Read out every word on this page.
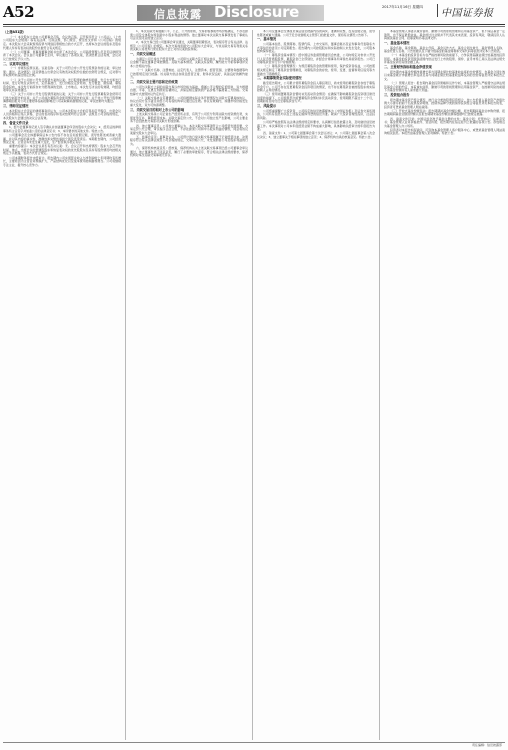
A52	信息披露 Disclosure	2017年11月16日 星期四
中国证券报

（上接A51版）

（一）本次股东大会由公司董事会召集，会议的召集、召开程序符合《公司法》、《上市公司股东大会规则》等有关法律、行政法规、部门规章、规范性文件和《公司章程》的规定。本次股东大会采取现场投票与网络投票相结合的方式召开，出席本次会议的股东及股东代理人所持有表决权的股份总数符合有关规定。

（二）公司董事、监事和董事会秘书出席了本次会议，公司高级管理人员及见证律师列席了本次会议。会议由公司董事长主持，审议通过了各项议案，表决结果合法有效，会议决议已按规定予以公告。

二、议案审议情况

（一）非累积投票议案。议案名称：关于公司符合非公开发行股票条件的议案；审议结果：通过。表决情况：同意票数占出席会议有效表决权股份总数的比例符合规定，反对票与弃权票均未超过规定比例。

（二）关于公司非公开发行股票方案的议案：发行股票的种类和面值、发行方式和发行时间、发行对象及认购方式、定价基准日、发行价格及定价原则、发行数量、限售期、募集资金投向、本次发行前滚存未分配利润的安排、上市地点、本次发行决议的有效期，均经逐项审议并获得通过。

（三）关于公司非公开发行股票预案的议案；关于公司非公开发行股票募集资金使用可行性分析报告的议案；关于公司前次募集资金使用情况报告的议案；关于非公开发行股票摊薄即期回报对公司主要财务指标的影响及公司采取填补措施的议案，审议结果均为通过。

三、律师见证情况

本次股东大会见证的律师事务所认为，公司本次股东大会的召集和召开程序、出席会议人员资格和召集人资格、会议的表决程序和表决结果均符合法律、法规及公司章程的规定，本次股东大会通过的决议合法有效。

四、备查文件目录

1、经与会董事和记录人签字确认并加盖董事会印章的股东大会决议；2、经见证的律师事务所主任签字并加盖公章的法律意见书；3、本所要求的其他文件。特此公告。

公司董事会及全体董事保证本公告内容不存在任何虚假记载、误导性陈述或者重大遗漏，并对其内容的真实性、准确性和完整性承担个别及连带责任。本期报告期内，公司经营情况正常，主营业务未发生重大变化，生产经营秩序稳定有序。

重要内容提示：本次会议是否有否决议案：无。会议召开和出席情况：股东大会召开的时间、地点、出席会议的普通股股东和恢复表决权的优先股股东及其持有股份情况均按相关规定予以披露，表决方式符合规定。

公司本期财务报告未经审计。报告期内公司实现营业收入与净利润较上年同期均有所增长，主要原因为主营业务规模扩大、产品结构优化以及成本费用控制措施得当。公司将继续专注主业，提升核心竞争力。

1、本次关联交易遵循公平、公正、公开的原则，交易价格参照市场价格确定，不存在损害公司及全体股东特别是中小股东利益的情形。独立董事对本次关联交易事项发表了事前认可意见及同意的独立意见。

2、本次交易已经公司董事会审议通过，关联董事回避表决，表决程序符合有关法律、法规及《公司章程》的规定。本次交易尚需提交公司股东大会审议，与该关联交易有利害关系的关联人将放弃行使在股东大会上对该议案的投票权。

一、关联交易概述

为满足公司日常生产经营需要，公司拟与关联方签订相关协议，预计年度日常关联交易总金额不超过董事会审批额度。关联方基本情况、关联关系说明、履约能力分析等事项详见本公告相关内容。

（一）关联方名称、注册地址、法定代表人、注册资本、经营范围、主要财务数据等均已按照规定进行披露。该关联方依法存续且经营正常，财务状况良好，具备良好的履约能力。

二、关联交易主要内容和定价政策

公司与关联方之间的关联交易以市场价格为基础，遵循公平合理的定价原则，双方根据自愿、平等、互惠互利原则签署协议，并保证相互提供的产品价格不偏离第三方价格。交易结算方式按照协议约定执行。

（二）关联交易协议签署情况：公司将根据实际业务开展情况与关联方签署具体协议，协议自双方签字盖章并经公司有权机构审议通过后生效。协议有效期内，如遇市场价格发生重大变化，双方可协商调整。

三、关联交易目的和对上市公司的影响

上述关联交易是公司正常生产经营所必需，有利于公司充分利用关联方的资源优势，实现优势互补，降低经营成本。关联交易定价公允，不会对公司独立性产生影响，公司主要业务不会因此类交易而对关联方形成依赖。

四、独立董事意见：公司独立董事认为，本次关联交易事项符合公司经营发展需要，交易定价公允合理，审议程序合法合规，不存在损害公司和中小股东利益的情形，同意将该议案提交股东大会审议。

五、监事会意见：监事会认为，公司预计的日常关联交易事项属于正常经营往来，决策程序符合有关法律法规及公司章程的规定，交易价格公允，未发现损害公司及股东利益的行为。

六、保荐机构核查意见：经核查，保荐机构认为上述关联交易事项已经公司董事会审议通过，独立董事发表了同意意见，履行了必要的审批程序，符合相关法律法规的要求，保荐机构对本次关联交易事项无异议。

本公司及董事会全体成员保证信息披露内容的真实、准确和完整，没有虚假记载、误导性陈述或重大遗漏。公司于近日收到相关主管部门的批复文件，现将有关情况公告如下。

一、基本情况

公司基本信息、股票简称、股票代码、上市交易所、董事会秘书及证券事务代表联系方式等信息均详见公司定期报告。报告期内公司控股股东和实际控制人未发生变化，公司股本结构保持稳定。

（一）募集资金基本情况：经中国证券监督管理委员会核准，公司向特定对象非公开发行人民币普通股股票，募集资金已全部到位，并经会计师事务所审验出具验资报告。公司已对募集资金实行专户存储管理。

（二）募集资金管理情况：为规范募集资金的管理和使用，保护投资者权益，公司按照相关规定制定了募集资金管理制度，对募集资金的存放、使用、变更、监督和责任追究等方面做出了明确规定。

二、本期募集资金实际使用情况

截至报告期末，公司累计使用募集资金投入募投项目，尚未使用的募集资金存放于募集资金专户。公司不存在变更募集资金投资项目的情况，也不存在募集资金被控股股东或实际控制人占用的情况。

（三）使用闲置募集资金暂时补充流动资金情况：在确保不影响募集资金投资项目建设进度的前提下，公司使用部分闲置募集资金暂时补充流动资金，使用期限不超过十二个月，到期前将及时归还至募集资金专户。

三、风险提示

公司郑重提醒广大投资者，公司指定的信息披露媒体为《中国证券报》及证券交易所网站，公司所有信息均以在上述指定媒体刊登的信息为准。敬请广大投资者理性投资，注意投资风险。

公司将严格按照有关法律法规的规定和要求，认真履行信息披露义务，及时做好信息披露工作。本次事项对公司本年度经营业绩不构成重大影响，具体影响以经审计的年度报告为准。

四、备查文件：1、公司第七届董事会第十次会议决议；2、公司第七届监事会第八次会议决议；3、独立董事关于相关事项的独立意见；4、保荐机构出具的核查意见。特此公告。

本基金管理人承诺以诚实信用、勤勉尽责的原则管理和运用基金资产，但不保证基金一定盈利，也不保证最低收益。基金的过往业绩并不代表其未来表现，投资有风险，敬请投资人认真阅读基金合同、招募说明书等法律文件。

一、基金基本情况

基金名称、基金简称、基金主代码、基金运作方式、基金合同生效日、基金管理人名称、基金托管人名称、公告依据以及下属分级基金的基金简称和交易代码等信息详见本公告附表。

（一）本基金的投资目标为在严格控制风险的前提下，力争获得超越业绩比较基准的投资回报。本基金的投资范围包括国内依法发行上市的股票、债券、货币市场工具以及法律法规允许基金投资的其他金融工具。

二、主要财务指标和基金净值表现

报告期内本基金份额净值增长率与同期业绩比较基准收益率的比较情况、自基金合同生效以来基金累计净值增长率变动及其与同期业绩比较基准收益率变动的比较等信息详见本报告正文。

（二）管理人报告：报告期内基金投资策略和运作分析，本基金管理人严格遵守法律法规及基金合同的约定，本着诚实信用、勤勉尽责的原则管理和运用基金资产，在控制风险的前提下为基金份额持有人谋求最大利益。

三、投资组合报告

报告期末基金资产组合情况、按行业分类的股票投资组合、按公允价值占基金资产净值比例大小排序的前十名股票投资明细、按债券品种分类的债券投资组合等信息详见本报告附表，投资者可登录基金管理人网站查阅。

（三）开放式基金份额变动：报告期期初基金份额总额、报告期期间基金总申购份额、报告期期间基金总赎回份额以及报告期期末基金份额总额等数据均已按规定披露。

四、备查文件目录：中国证监会准予基金注册的文件；基金合同；托管协议；法律意见书；基金管理人业务资格批件、营业执照；报告期内在指定报刊上披露的各项公告。存放地点为基金管理人办公场所。

投资者对本报告如有疑问，可咨询本基金管理人客户服务中心，或登录基金管理人网站查询相关信息。本报告由基金管理人负责解释。特此公告。

责任编辑：信息披露部
